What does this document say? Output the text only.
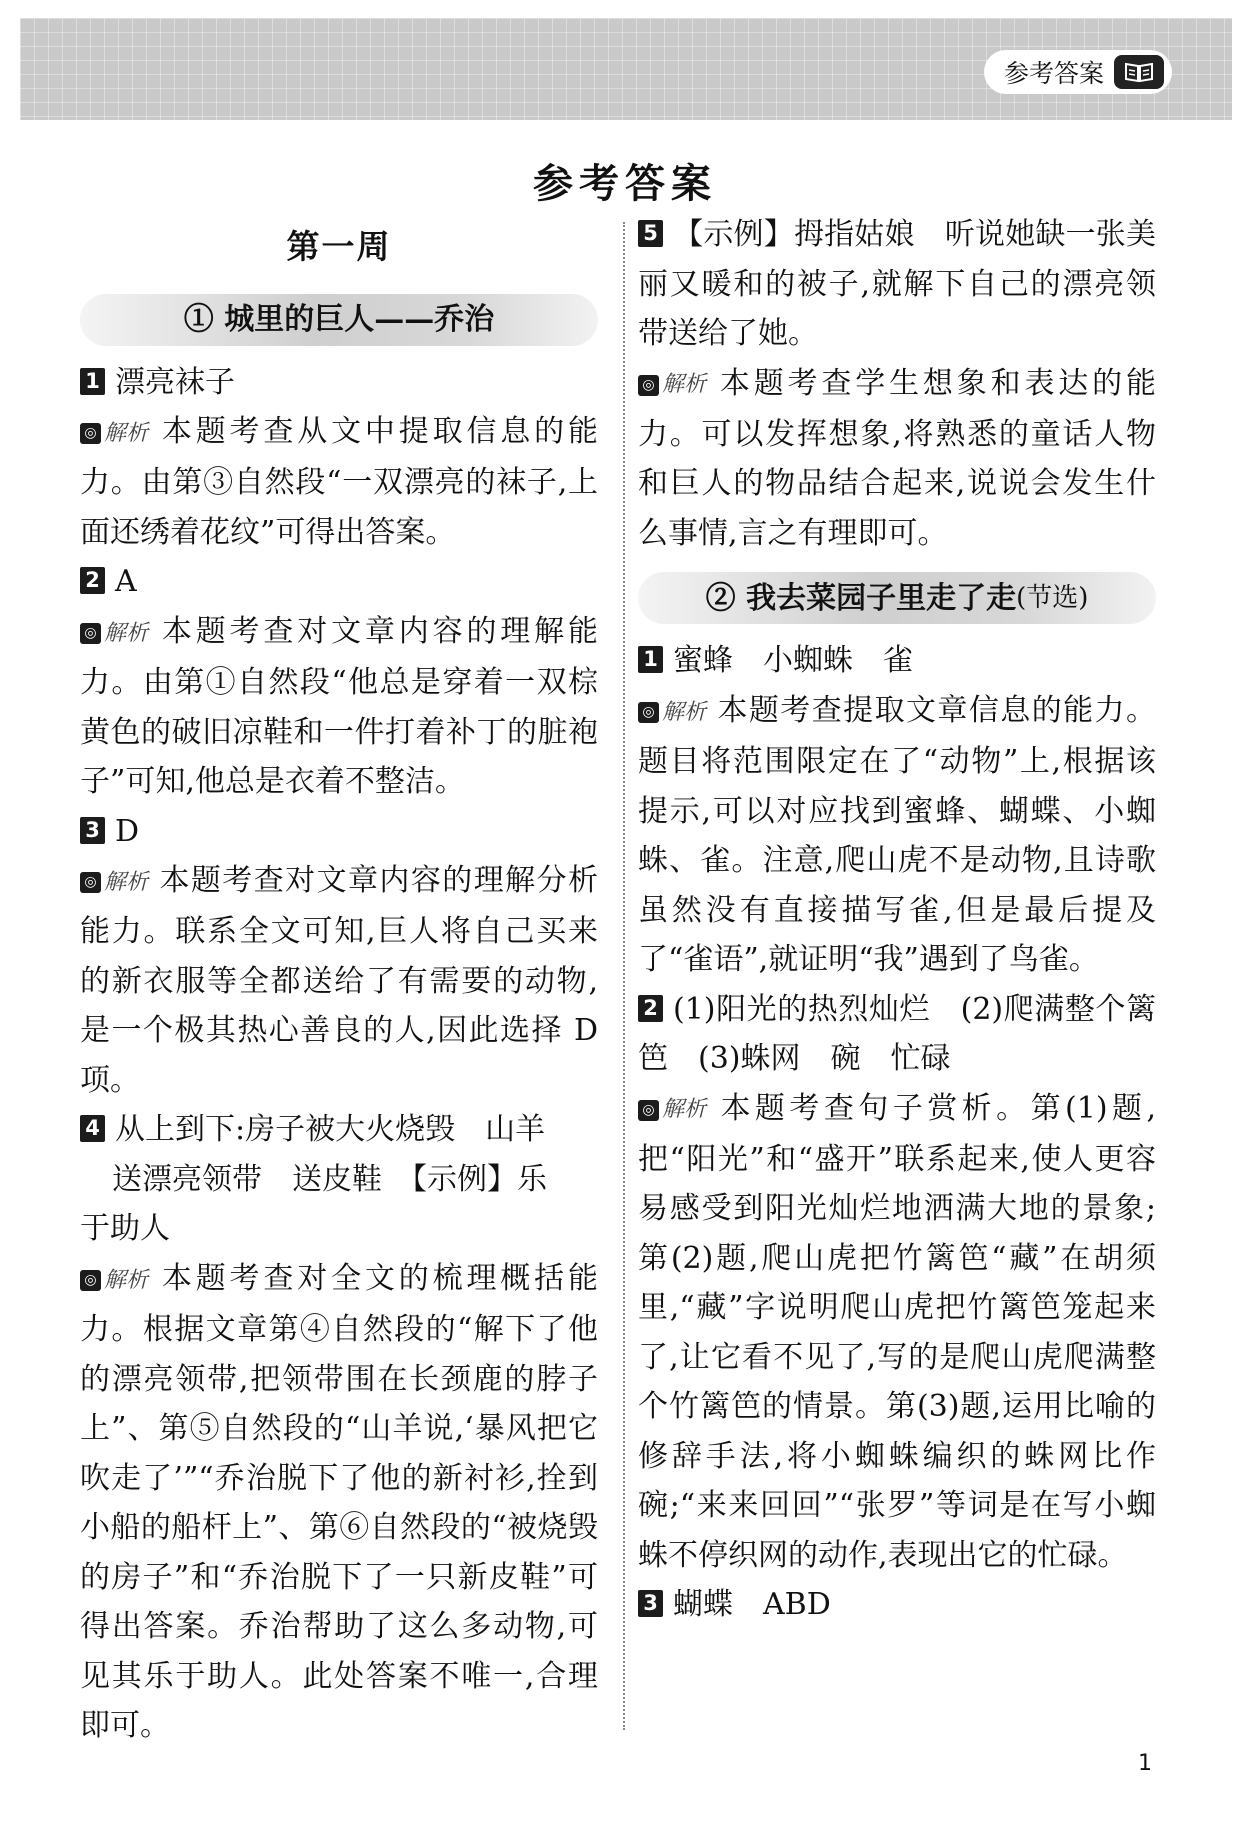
参考答案
参考答案
第一周
① 城里的巨人——乔治

1 漂亮袜子

◎ 解析 本题考查从文中提取信息的能力。由第③自然段“一双漂亮的袜子,上面还绣着花纹”可得出答案。

2 A

◎ 解析 本题考查对文章内容的理解能力。由第①自然段“他总是穿着一双棕黄色的破旧凉鞋和一件打着补丁的脏袍子”可知,他总是衣着不整洁。

3 D

◎ 解析 本题考查对文章内容的理解分析能力。联系全文可知,巨人将自己买来的新衣服等全都送给了有需要的动物,是一个极其热心善良的人,因此选择 D 项。

4 从上到下:房子被大火烧毁　山羊

送漂亮领带　送皮鞋　【示例】乐

于助人

◎ 解析 本题考查对全文的梳理概括能力。根据文章第④自然段的“解下了他的漂亮领带,把领带围在长颈鹿的脖子上”、第⑤自然段的“山羊说,‘暴风把它吹走了’”“乔治脱下了他的新衬衫,拴到小船的船杆上”、第⑥自然段的“被烧毁的房子”和“乔治脱下了一只新皮鞋”可得出答案。乔治帮助了这么多动物,可见其乐于助人。此处答案不唯一,合理即可。

5 【示例】拇指姑娘　听说她缺一张美丽又暖和的被子,就解下自己的漂亮领带送给了她。

◎ 解析 本题考查学生想象和表达的能力。可以发挥想象,将熟悉的童话人物和巨人的物品结合起来,说说会发生什么事情,言之有理即可。

② 我去菜园子里走了走 (节选)

1 蜜蜂　小蜘蛛　雀

◎ 解析 本题考查提取文章信息的能力。题目将范围限定在了“动物”上,根据该提示,可以对应找到蜜蜂、蝴蝶、小蜘蛛、雀。注意,爬山虎不是动物,且诗歌虽然没有直接描写雀,但是最后提及了“雀语”,就证明“我”遇到了鸟雀。

2 (1)阳光的热烈灿烂　(2)爬满整个篱笆　(3)蛛网　碗　忙碌

◎ 解析 本题考查句子赏析。第(1)题,把“阳光”和“盛开”联系起来,使人更容易感受到阳光灿烂地洒满大地的景象;第(2)题,爬山虎把竹篱笆“藏”在胡须里,“藏”字说明爬山虎把竹篱笆笼起来了,让它看不见了,写的是爬山虎爬满整个竹篱笆的情景。第(3)题,运用比喻的修辞手法,将小蜘蛛编织的蛛网比作碗;“来来回回”“张罗”等词是在写小蜘蛛不停织网的动作,表现出它的忙碌。

3 蝴蝶　ABD

1
